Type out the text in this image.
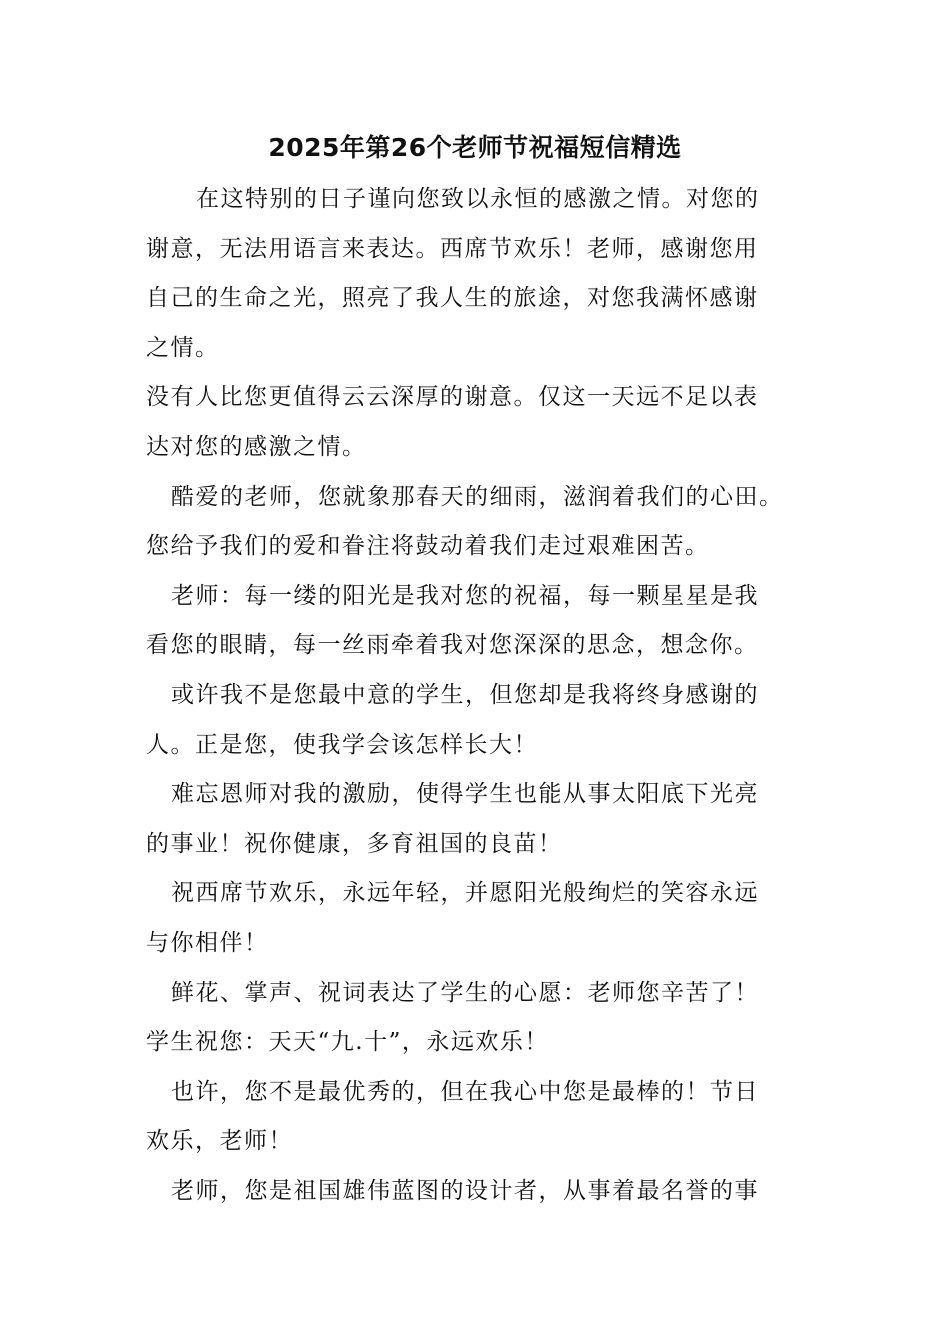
2025年第26个老师节祝福短信精选

在这特别的日子谨向您致以永恒的感激之情。对您的

谢意，无法用语言来表达。西席节欢乐！老师，感谢您用
自己的生命之光，照亮了我人生的旅途，对您我满怀感谢
之情。

没有人比您更值得云云深厚的谢意。仅这一天远不足以表
达对您的感激之情。

酷爱的老师，您就象那春天的细雨，滋润着我们的心田。
您给予我们的爱和眷注将鼓动着我们走过艰难困苦。

老师：每一缕的阳光是我对您的祝福，每一颗星星是我
看您的眼睛，每一丝雨牵着我对您深深的思念，想念你。

或许我不是您最中意的学生，但您却是我将终身感谢的
人。正是您，使我学会该怎样长大！

难忘恩师对我的激励，使得学生也能从事太阳底下光亮
的事业！祝你健康，多育祖国的良苗！

祝西席节欢乐，永远年轻，并愿阳光般绚烂的笑容永远
与你相伴！

鲜花、掌声、祝词表达了学生的心愿：老师您辛苦了！
学生祝您：天天“九.十”，永远欢乐！

也许，您不是最优秀的，但在我心中您是最棒的！节日
欢乐，老师！

老师，您是祖国雄伟蓝图的设计者，从事着最名誉的事
